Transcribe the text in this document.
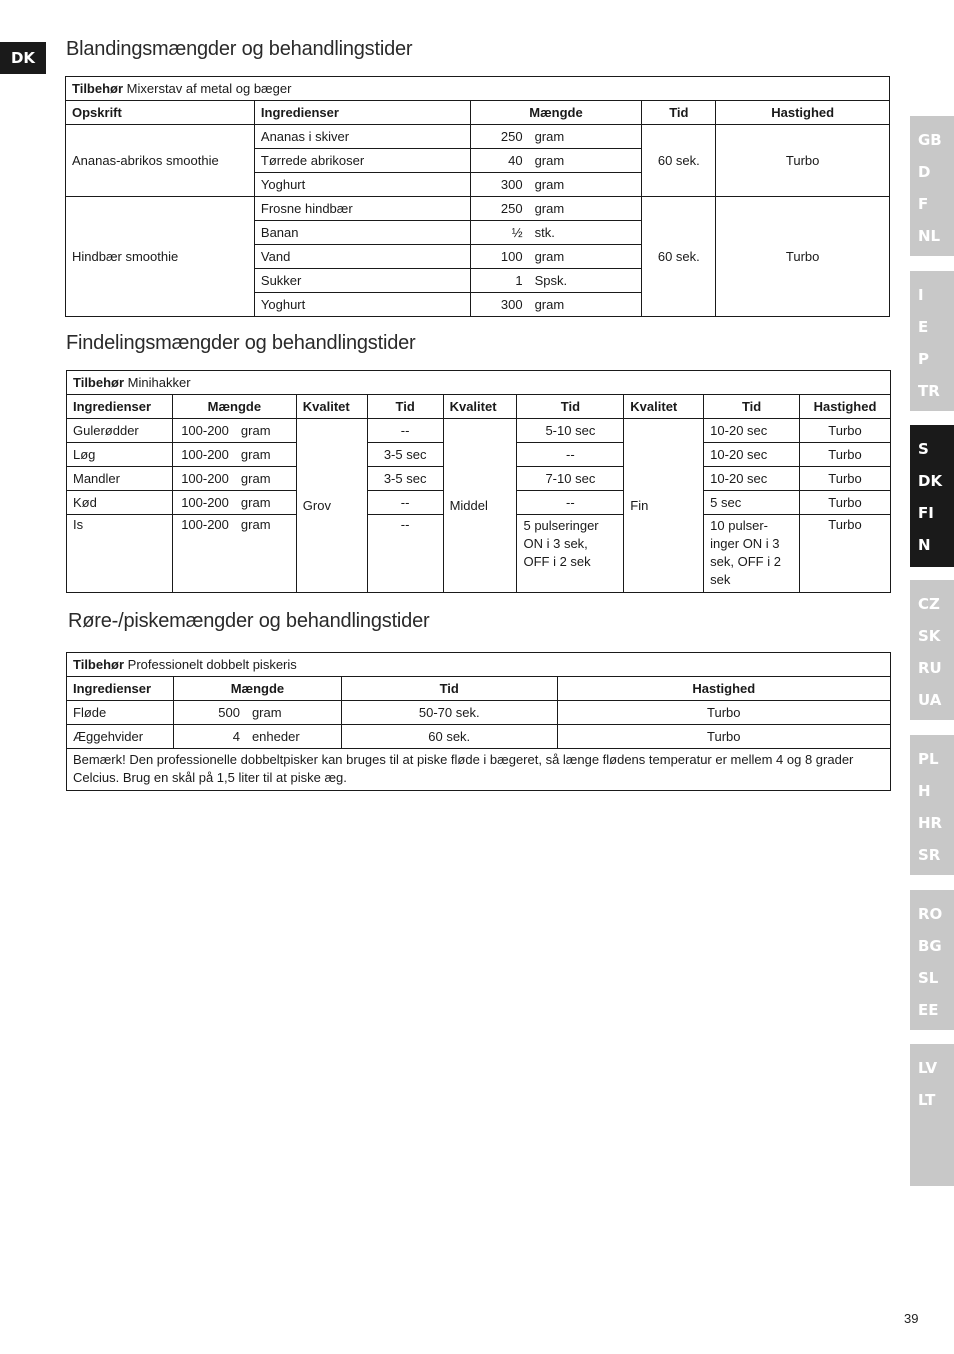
DK	Blandingsmængder og behandlingstider
Tilbehør Mixerstav af metal og bæger				
Opskrift	Ingredienser	Mængde	Tid	Hastighed
Ananas-abrikos smoothie	Ananas i skiver	250 gram	60 sek.	Turbo
	Tørrede abrikoser	40 gram		

	Yoghurt	300 gram		

Hindbær smoothie	Frosne hindbær	250 gram	60 sek.	Turbo
	Banan	½ stk.		

	Vand	100 gram		

	Sukker	1 Spsk.		

	Yoghurt	300 gram		
Findelingsmængder og behandlingstider
Tilbehør Minihakker								
Ingredienser	Mængde	Kvalitet	Tid	Kvalitet	Tid	Kvalitet	Tid	Hastighed
Gulerødder	100-200 gram	Grov	--	Middel	5-10 sec	Fin	10-20 sec	Turbo
Løg	100-200 gram		3-5 sec		--		10-20 sec	Turbo
Mandler	100-200 gram		3-5 sec		7-10 sec		10-20 sec	Turbo
Kød	100-200 gram		--		--		5 sec	Turbo
Is	100-200 gram		--		5 pulseringer ON i 3 sek, OFF i 2 sek		10 pulser-inger ON i 3 sek, OFF i 2 sek	Turbo
Røre-/piskemængder og behandlingstider
Tilbehør Professionelt dobbelt piskeris			
Ingredienser	Mængde	Tid	Hastighed
Fløde	500 gram	50-70 sek.	Turbo
Æggehvider	4 enheder	60 sek.	Turbo
Bemærk! Den professionelle dobbeltpisker kan bruges til at piske fløde i bægeret, så længe flødens temperatur er mellem 4 og 8 grader Celcius. Brug en skål på 1,5 liter til at piske æg.			
GB
D
F
NL
I
E
P
TR
S
DK
FI
N
CZ
SK
RU
UA
PL
H
HR
SR
RO
BG
SL
EE
LV
LT
39
